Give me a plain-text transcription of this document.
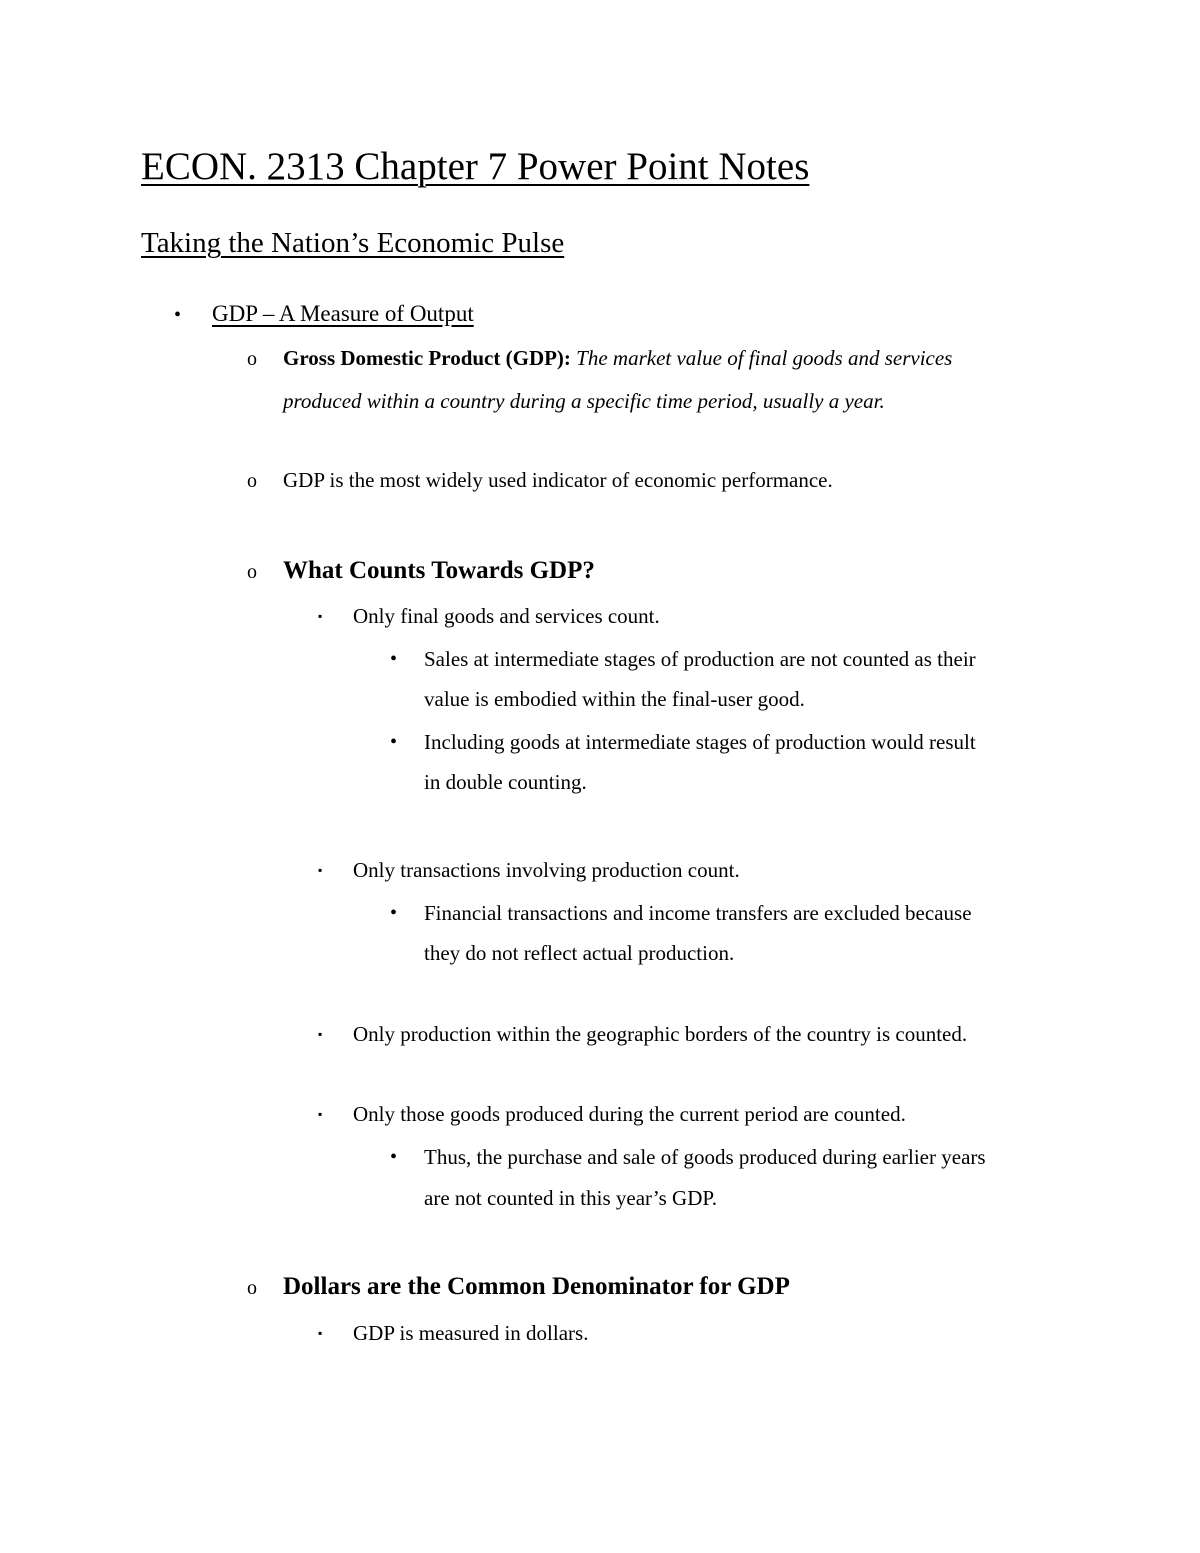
ECON. 2313 Chapter 7 Power Point Notes
Taking the Nation’s Economic Pulse
• GDP – A Measure of Output
o Gross Domestic Product (GDP): The market value of final goods and services
produced within a country during a specific time period, usually a year.
o GDP is the most widely used indicator of economic performance.
o What Counts Towards GDP?
▪ Only final goods and services count.
• Sales at intermediate stages of production are not counted as their
value is embodied within the final-user good.
• Including goods at intermediate stages of production would result
in double counting.
▪ Only transactions involving production count.
• Financial transactions and income transfers are excluded because
they do not reflect actual production.
▪ Only production within the geographic borders of the country is counted.
▪ Only those goods produced during the current period are counted.
• Thus, the purchase and sale of goods produced during earlier years
are not counted in this year’s GDP.
o Dollars are the Common Denominator for GDP
▪ GDP is measured in dollars.
